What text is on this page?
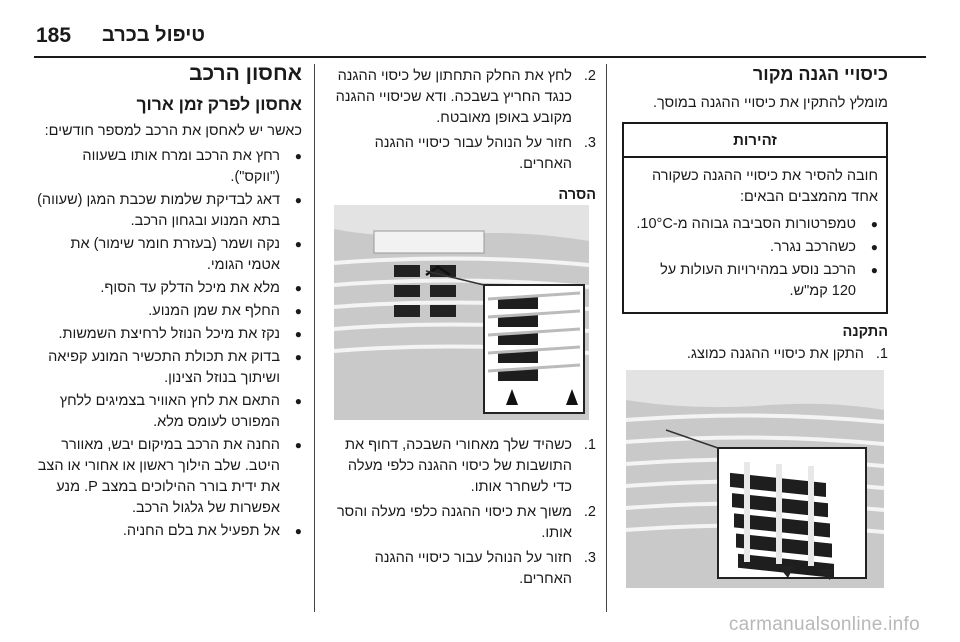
185 טיפול בכרב
כיסויי הגנה מקור
מומלץ להתקין את כיסויי ההגנה במוסך.
זהירות
חובה להסיר את כיסויי ההגנה כשקורה אחד מהמצבים הבאים:
● טמפרטורות הסביבה גבוהה מ-10°C.
● כשהרכב נגרר.
● הרכב נוסע במהירויות העולות על 120 קמ"ש.
התקנה
1.
התקן את כיסויי ההגנה כמוצג.
2.
לחץ את החלק התחתון של כיסוי ההגנה כנגד החריץ בשבכה. ודא שכיסויי ההגנה מקובע באופן מאובטח.
3.
חזור על הנוהל עבור כיסויי ההגנה האחרים.
הסרה
1.
כשהיד שלך מאחורי השבכה, דחוף את התושבות של כיסוי ההגנה כלפי מעלה כדי לשחרר אותו.
2.
משוך את כיסוי ההגנה כלפי מעלה והסר אותו.
3.
חזור על הנוהל עבור כיסויי ההגנה האחרים.
אחסון הרכב
אחסון לפרק זמן ארוך
כאשר יש לאחסן את הרכב למספר חודשים:
● רחץ את הרכב ומרח אותו בשעווה ("ווקס").
● דאג לבדיקת שלמות שכבת המגן (שעווה) בתא המנוע ובגחון הרכב.
● נקה ושמר (בעזרת חומר שימור) את אטמי הגומי.
● מלא את מיכל הדלק עד הסוף.
● החלף את שמן המנוע.
● נקז את מיכל הנוזל לרחיצת השמשות.
● בדוק את תכולת התכשיר המונע קפיאה ושיתוך בנוזל הצינון.
● התאם את לחץ האוויר בצמיגים ללחץ המפורט לעומס מלא.
● החנה את הרכב במיקום יבש, מאוורר היטב. שלב הילוך ראשון או אחורי או הצב את ידית בורר ההילוכים במצב P. מנע אפשרות של גלגול הרכב.
● אל תפעיל את בלם החניה.
carmanualsonline.info
